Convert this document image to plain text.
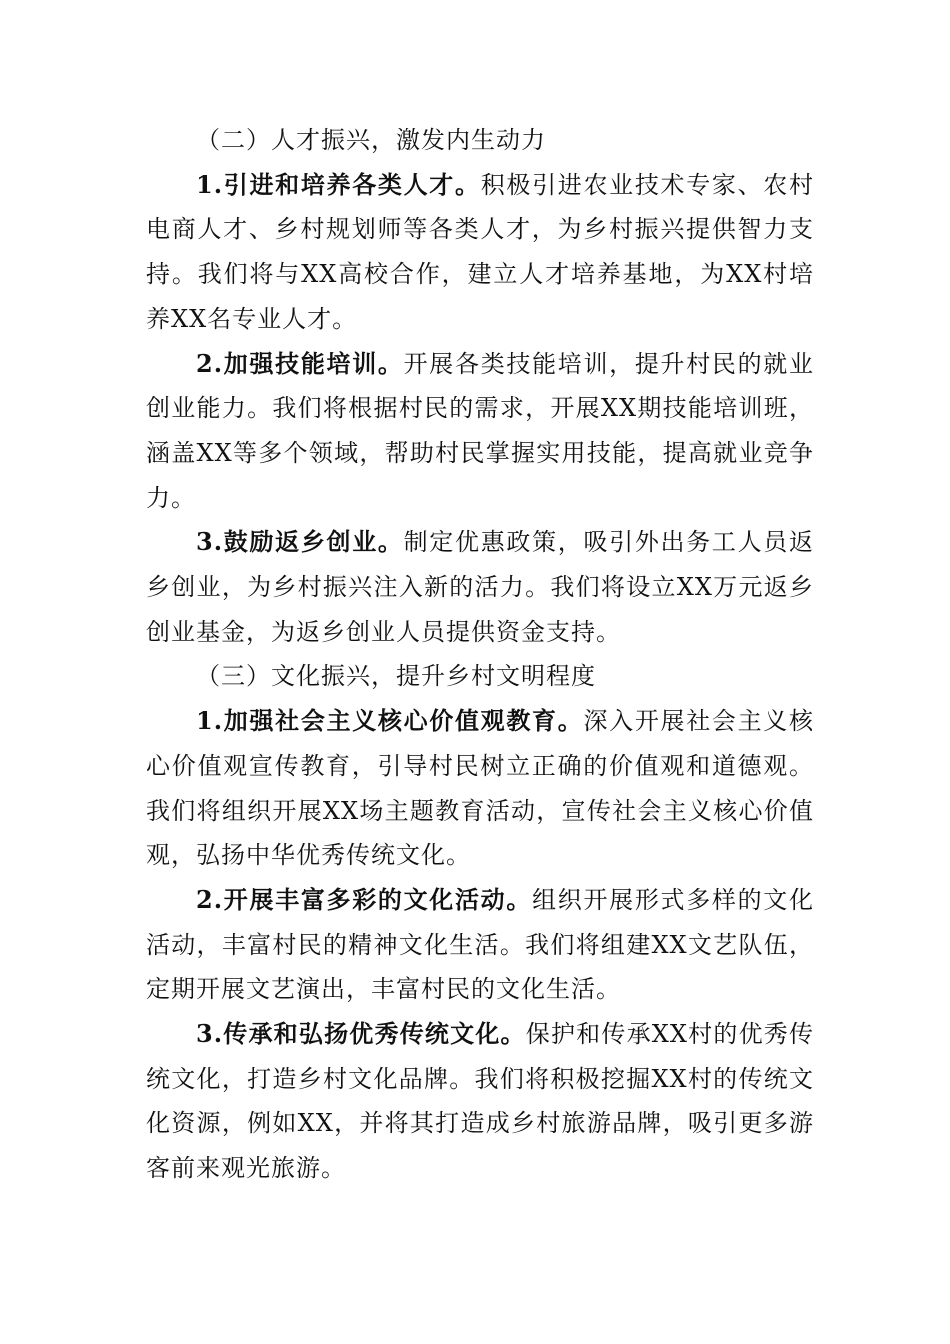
（二）人才振兴，激发内生动力

1.引进和培养各类人才。积极引进农业技术专家、农村电商人才、乡村规划师等各类人才，为乡村振兴提供智力支持。我们将与XX高校合作，建立人才培养基地，为XX村培养XX名专业人才。

2.加强技能培训。开展各类技能培训，提升村民的就业创业能力。我们将根据村民的需求，开展XX期技能培训班，涵盖XX等多个领域，帮助村民掌握实用技能，提高就业竞争力。

3.鼓励返乡创业。制定优惠政策，吸引外出务工人员返乡创业，为乡村振兴注入新的活力。我们将设立XX万元返乡创业基金，为返乡创业人员提供资金支持。

（三）文化振兴，提升乡村文明程度

1.加强社会主义核心价值观教育。深入开展社会主义核心价值观宣传教育，引导村民树立正确的价值观和道德观。我们将组织开展XX场主题教育活动，宣传社会主义核心价值观，弘扬中华优秀传统文化。

2.开展丰富多彩的文化活动。组织开展形式多样的文化活动，丰富村民的精神文化生活。我们将组建XX文艺队伍，定期开展文艺演出，丰富村民的文化生活。

3.传承和弘扬优秀传统文化。保护和传承XX村的优秀传统文化，打造乡村文化品牌。我们将积极挖掘XX村的传统文化资源，例如XX，并将其打造成乡村旅游品牌，吸引更多游客前来观光旅游。
